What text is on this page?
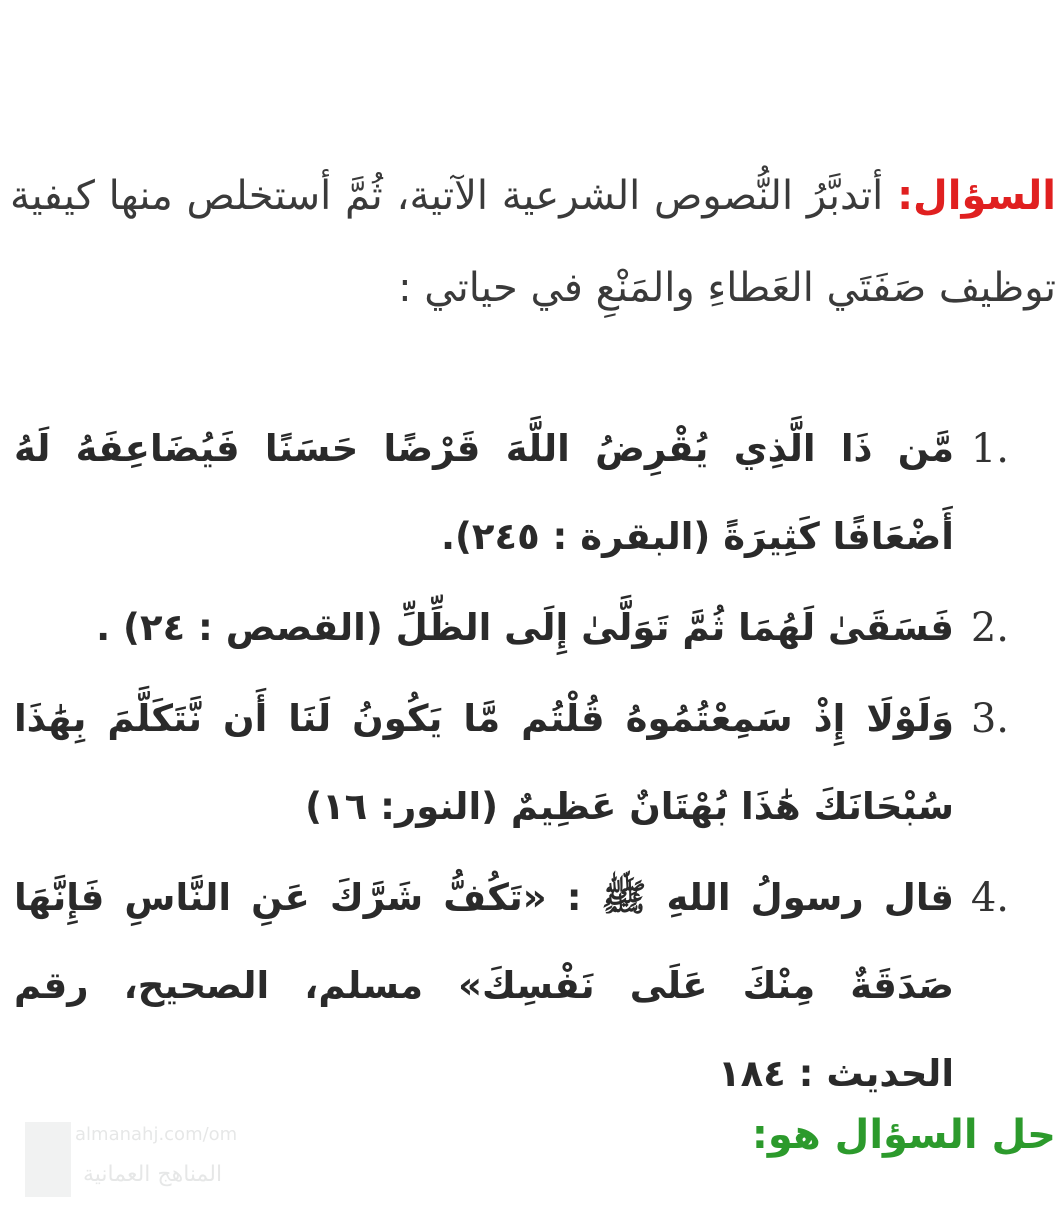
السؤال: أتدبَّرُ النُّصوص الشرعية الآتية، ثُمَّ أستخلص منها كيفية توظيف صَفَتَي العَطاءِ والمَنْعِ في حياتي :
1.
مَّن ذَا الَّذِي يُقْرِضُ اللَّهَ قَرْضًا حَسَنًا فَيُضَاعِفَهُ لَهُ أَضْعَافًا كَثِيرَةً (البقرة : ٢٤٥).
2.
فَسَقَىٰ لَهُمَا ثُمَّ تَوَلَّىٰ إِلَى الظِّلِّ (القصص : ٢٤) .
3.
وَلَوْلَا إِذْ سَمِعْتُمُوهُ قُلْتُم مَّا يَكُونُ لَنَا أَن نَّتَكَلَّمَ بِهَٰذَا سُبْحَانَكَ هَٰذَا بُهْتَانٌ عَظِيمٌ (النور: ١٦)
4.
قال رسولُ اللهِ ﷺ : «تَكُفُّ شَرَّكَ عَنِ النَّاسِ فَإِنَّهَا صَدَقَةٌ مِنْكَ عَلَى نَفْسِكَ» مسلم، الصحيح، رقم الحديث : ١٨٤
حل السؤال هو:
almanahj.com/om
المناهج العمانية
